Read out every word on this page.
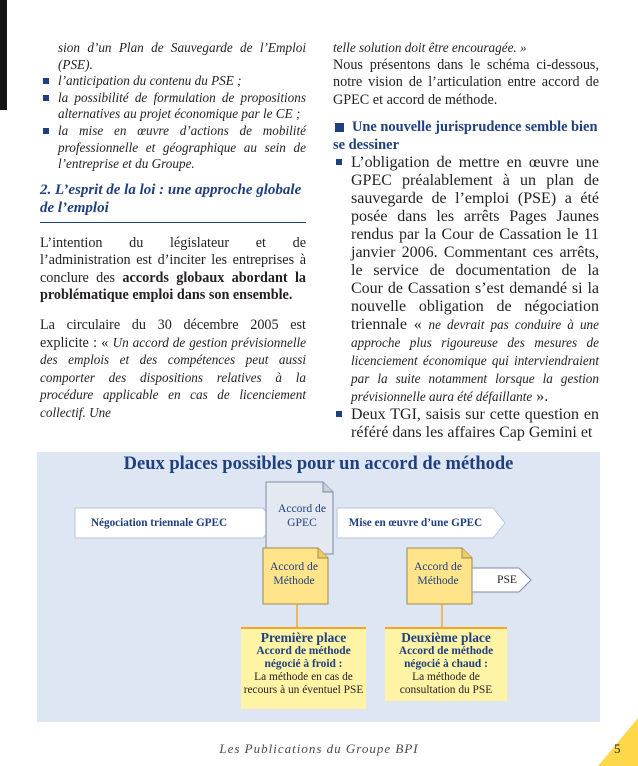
sion d’un Plan de Sauvegarde de l’Emploi (PSE).

l’anticipation du contenu du PSE ;
la possibilité de formulation de propositions alternatives au projet économique par le CE ;
la mise en œuvre d’actions de mobilité professionnelle et géographique au sein de l’entreprise et du Groupe.
2. L’esprit de la loi : une approche globale de l’emploi

L’intention du législateur et de l’administration est d’inciter les entreprises à conclure des accords globaux abordant la problématique emploi dans son ensemble.

La circulaire du 30 décembre 2005 est explicite : « Un accord de gestion prévisionnelle des emplois et des compétences peut aussi comporter des dispositions relatives à la procédure applicable en cas de licenciement collectif. Une

telle solution doit être encouragée. »

Nous présentons dans le schéma ci-dessous, notre vision de l’articulation entre accord de GPEC et accord de méthode.

Une nouvelle jurisprudence semble bien se dessiner
L’obligation de mettre en œuvre une GPEC préalablement à un plan de sauvegarde de l’emploi (PSE) a été posée dans les arrêts Pages Jaunes rendus par la Cour de Cassation le 11 janvier 2006. Commentant ces arrêts, le service de documentation de la Cour de Cassation s’est demandé si la nouvelle obligation de négociation triennale « ne devrait pas conduire à une approche plus rigoureuse des mesures de licenciement économique qui interviendraient par la suite notamment lorsque la gestion prévisionnelle aura été défaillante ».
Deux TGI, saisis sur cette question en référé dans les affaires Cap Gemini et
Deux places possibles pour un accord de méthode
Négociation triennale GPEC	Mise en œuvre d’une GPEC
Accord de GPEC
Accord de Méthode
Accord de Méthode	PSE
Première place
Accord de méthode négocié à froid :
La méthode en cas de recours à un éventuel PSE
Deuxième place
Accord de méthode négocié à chaud :
La méthode de consultation du PSE
Les Publications du Groupe BPI	5
